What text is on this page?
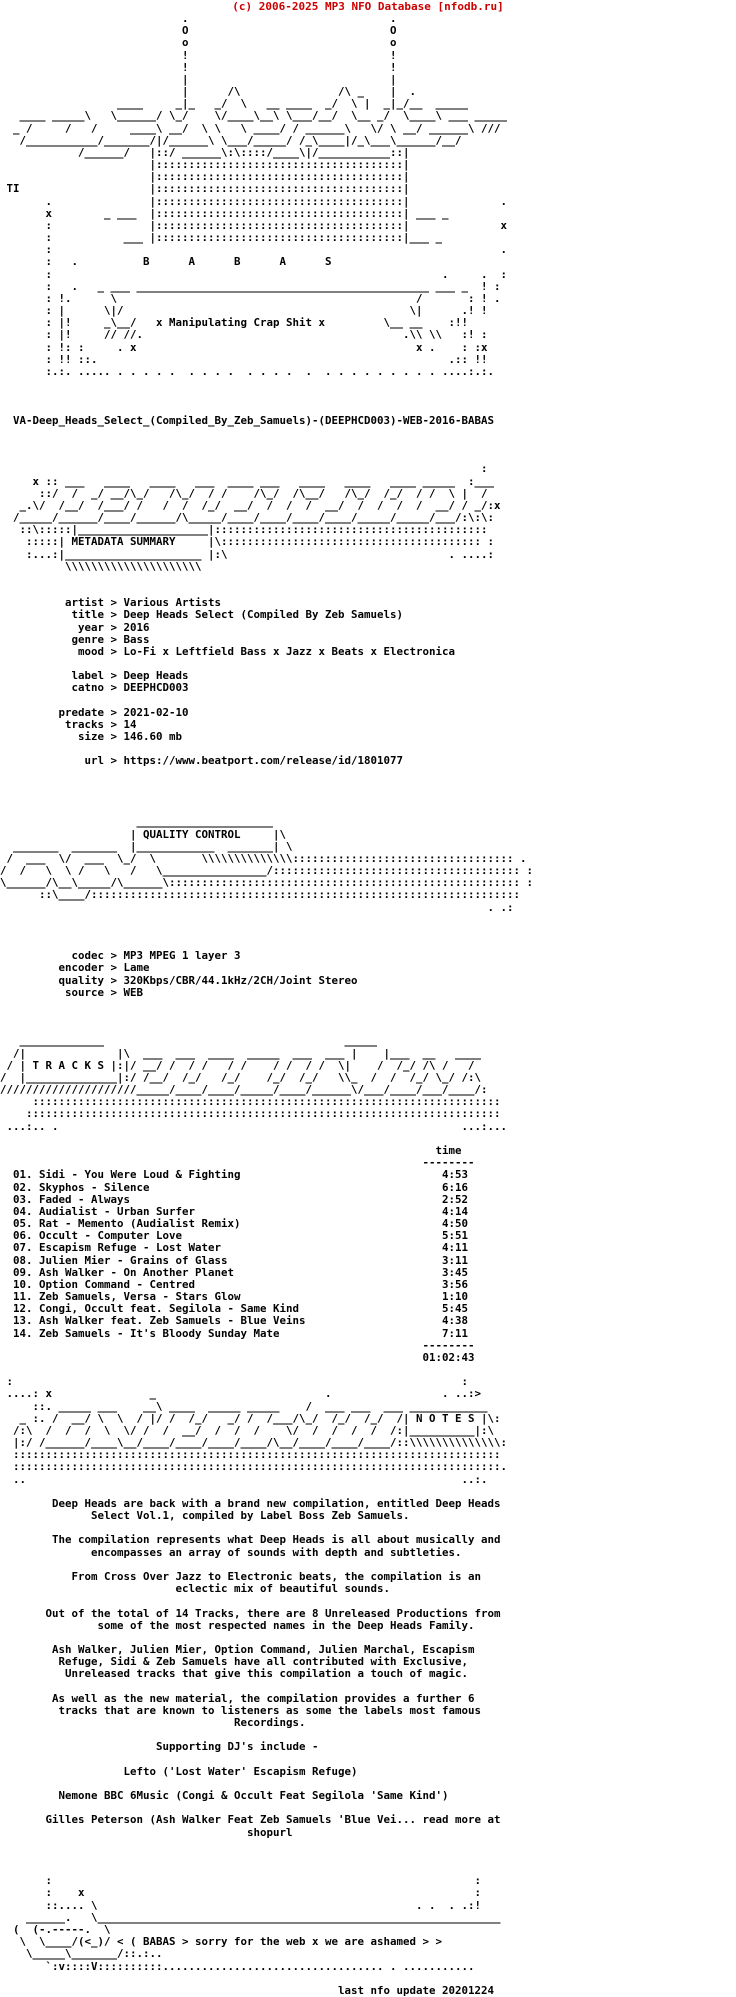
(c) 2006-2025 MP3 NFO Database [nfodb.ru]
.                               .
O                               O
o                               o
!                               !
!                               !
|                               |
|      /\               /\ _    |  .
____     _|_   _/  \   __ ____  _/  \ |  _|_/__  _____
____ _____\   \______/ \_/    \/____\__\ \___/__/  \__ _/  \____\ ___ _____
_ /     /   /     ____\ __/  \ \   \ ____/ / ______\   \/ \ __/ ______\ ///
/___________/_______/|/______\ \___/_____/ /_\____|/_\___\______/__/
/______/   |::/ ______\:\::::/____\|/___________::|
|::::::::::::::::::::::::::::::::::::::|
|::::::::::::::::::::::::::::::::::::::|
TI                    |::::::::::::::::::::::::::::::::::::::|
.               |::::::::::::::::::::::::::::::::::::::|              .
x        _ ___  |::::::::::::::::::::::::::::::::::::::| ___ _
:               |::::::::::::::::::::::::::::::::::::::|              x
:           ___ |::::::::::::::::::::::::::::::::::::::|___ _
:                                                                     .
:   .          B      A      B      A      S
:                                                            .     .  :
:   .   _ ___ _____________________________________________ ___ _  ! :
: !.      \                                              /       : ! .
: |      \|/                                            \|      .! !
: |!     _\__/   x Manipulating Crap Shit x         \__ __    :!!
: |!     // //.                                        .\\ \\   :! :
: !: :     . x                                           x .    : :x
: !! ::.                                                      .:: !!
:.:. ..... . . . . .  . . . .  . . . .  .  . . . . . . . . . ....:.:.
VA-Deep_Heads_Select_(Compiled_By_Zeb_Samuels)-(DEEPHCD003)-WEB-2016-BABAS
:
x :: ___   ____   ____   ___  ____ ___   ____   ____   ____ _____  :___
::/  /  _/ __/\_/   /\_/  / /    /\_/  /\__/   /\_/  /_/  / /  \ |  /
_.\/  /__/  /___/ /   /  /  /_/  __/  /  /  /  __/  /  /  /  /  __/ / _/:x
/_____/______/____/______/\_____/____/____/____/____/_____/_____/___/:\:\:
::\:::::|____________________|::::::::::::::::::::::::::::::::::::::::::
:::::| METADATA SUMMARY     |\:::::::::::::::::::::::::::::::::::::::: :
:...:|_____________________ |:\                                  . ....:
\\\\\\\\\\\\\\\\\\\\\
artist > Various Artists
title > Deep Heads Select (Compiled By Zeb Samuels)
year > 2016
genre > Bass
mood > Lo-Fi x Leftfield Bass x Jazz x Beats x Electronica
label > Deep Heads
catno > DEEPHCD003
predate > 2021-02-10
tracks > 14
size > 146.60 mb
url > https://www.beatport.com/release/id/1801077
_____________________
| QUALITY CONTROL     |\
_______  _______  |____________  _______| \
/  ___  \/  ___  \_/  \       \\\\\\\\\\\\\\:::::::::::::::::::::::::::::::::: .
/  /   \  \ /   \   /   \________________/:::::::::::::::::::::::::::::::::::::: :
\______/\__\_____/\______\:::::::::::::::::::::::::::::::::::::::::::::::::::::: :
::\____/::::::::::::::::::::::::::::::::::::::::::::::::::::::::::::::::::
. .:
codec > MP3 MPEG 1 layer 3
encoder > Lame
quality > 320Kbps/CBR/44.1kHz/2CH/Joint Stereo
source > WEB
_____________                                     _____
/|              |\  ___  ___  ____  _____  ___  ___ |    |___  __   ____
/ | T R A C K S |:|/ __/ /  / /   / /    / /  / /  \|    /  /_/ /\ /   /
/  |______________|:/ /__/  /_/   /_/    /_/  /_/   \\_  /  /  /_/ \_/ /:\
/////////////////////_____/____/____/_____/____/______\/___/____/___/____/:
::::::::::::::::::::::::::::::::::::::::::::::::::::::::::::::::::::::::
:::::::::::::::::::::::::::::::::::::::::::::::::::::::::::::::::::::::::
...:.. .                                                              ...:...
time
--------
01. Sidi - You Were Loud & Fighting                               4:53
02. Skyphos - Silence                                             6:16
03. Faded - Always                                                2:52
04. Audialist - Urban Surfer                                      4:14
05. Rat - Memento (Audialist Remix)                               4:50
06. Occult - Computer Love                                        5:51
07. Escapism Refuge - Lost Water                                  4:11
08. Julien Mier - Grains of Glass                                 3:11
09. Ash Walker - On Another Planet                                3:45
10. Option Command - Centred                                      3:56
11. Zeb Samuels, Versa - Stars Glow                               1:10
12. Congi, Occult feat. Segilola - Same Kind                      5:45
13. Ash Walker feat. Zeb Samuels - Blue Veins                     4:38
14. Zeb Samuels - It's Bloody Sunday Mate                         7:11
--------
01:02:43
:                                                                     :
....: x               _                          .                 . ..:>
::. _____ ___    __\ ____  _____ _____    /  ___ ___  ___ ____________
_ :. /  __/ \  \  / |/ /  /_/   _/ /  /___/\_/  /_/  /_/  /| N O T E S |\:
/:\  /  /  /  \  \/ /  /  __/  /  /  /    \/  /  /  /  /  /:|__________|:\
|:/ /______/____\__/____/____/____/____/\__/____/____/____/::\\\\\\\\\\\\\\:
:::::::::::::::::::::::::::::::::::::::::::::::::::::::::::::::::::::::::::
:::::::::::::::::::::::::::::::::::::::::::::::::::::::::::::::::::::::::::.
..                                                                   ..:.
Deep Heads are back with a brand new compilation, entitled Deep Heads
Select Vol.1, compiled by Label Boss Zeb Samuels.
The compilation represents what Deep Heads is all about musically and
encompasses an array of sounds with depth and subtleties.
From Cross Over Jazz to Electronic beats, the compilation is an
eclectic mix of beautiful sounds.
Out of the total of 14 Tracks, there are 8 Unreleased Productions from
some of the most respected names in the Deep Heads Family.
Ash Walker, Julien Mier, Option Command, Julien Marchal, Escapism
Refuge, Sidi & Zeb Samuels have all contributed with Exclusive,
Unreleased tracks that give this compilation a touch of magic.
As well as the new material, the compilation provides a further 6
tracks that are known to listeners as some the labels most famous
Recordings.
Supporting DJ's include -
Lefto ('Lost Water' Escapism Refuge)
Nemone BBC 6Music (Congi & Occult Feat Segilola 'Same Kind')
Gilles Peterson (Ash Walker Feat Zeb Samuels 'Blue Vei... read more at
shopurl
:                                                                 :
:    x                                                            :
::.... \                                                 . .  . .:!
______.   \______________________________________________________________
(  (-.-----.  \
\  \____/(<_)/ < ( BABAS > sorry for the web x we are ashamed > >
\_____\_______/::.:..
`:v::::V::::::::::.................................. . ...........
last nfo update 20201224
